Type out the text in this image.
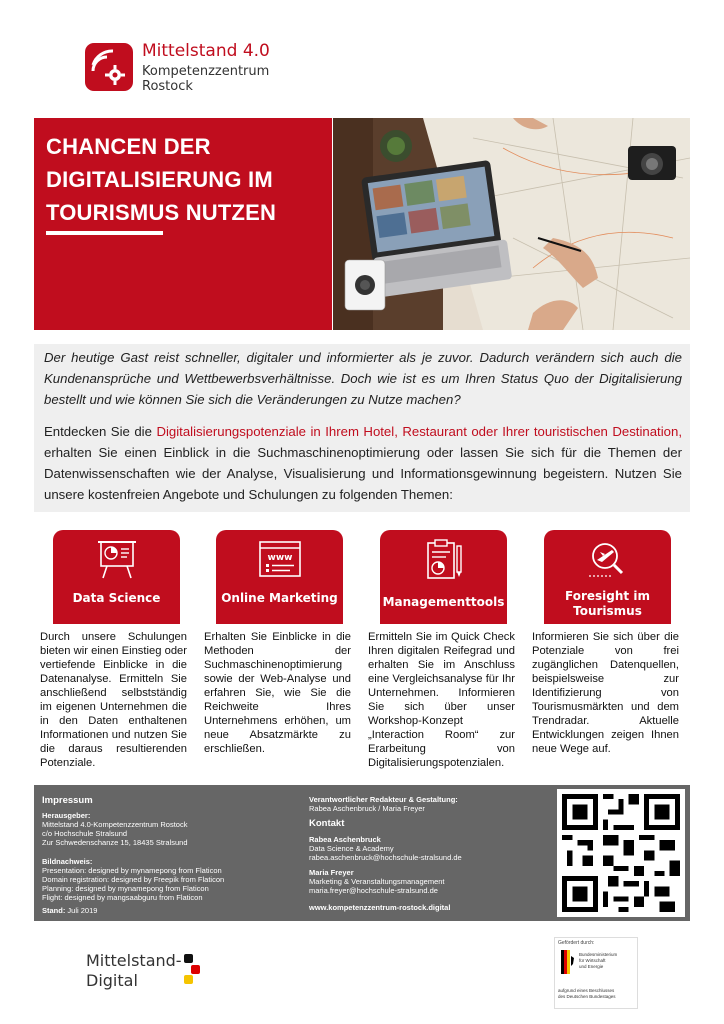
Mittelstand 4.0
Kompetenzzentrum
Rostock
CHANCEN DER
DIGITALISIERUNG IM
TOURISMUS NUTZEN
Der heutige Gast reist schneller, digitaler und informierter als je zuvor. Dadurch verändern sich auch die Kundenansprüche und Wettbewerbsverhältnisse. Doch wie ist es um Ihren Status Quo der Digitalisierung bestellt und wie können Sie sich die Veränderungen zu Nutze machen?
Entdecken Sie die Digitalisierungspotenziale in Ihrem Hotel, Restaurant oder Ihrer touristischen Destination, erhalten Sie einen Einblick in die Suchmaschinenoptimierung oder lassen Sie sich für die Themen der Datenwissenschaften wie der Analyse, Visualisierung und Informationsgewinnung begeistern. Nutzen Sie unsere kostenfreien Angebote und Schulungen zu folgenden Themen:
Data Science
www
Online Marketing	Managementtools	Foresight im
Tourismus
Durch unsere Schulungen bieten wir einen Einstieg oder vertiefende Einblicke in die Datenanalyse. Ermitteln Sie anschließend selbstständig im eigenen Unternehmen die in den Daten enthaltenen Informationen und nutzen Sie die daraus resultierenden Potenziale.
Erhalten Sie Einblicke in die Methoden der Suchmaschinenoptimierung sowie der Web-Analyse und erfahren Sie, wie Sie die Reichweite Ihres Unternehmens erhöhen, um neue Absatzmärkte zu erschließen.
Ermitteln Sie im Quick Check Ihren digitalen Reifegrad und erhalten Sie im Anschluss eine Vergleichsanalyse für Ihr Unternehmen. Informieren Sie sich über unser Workshop-Konzept „Interaction Room“ zur Erarbeitung von Digitalisierungspotenzialen.
Informieren Sie sich über die Potenziale von frei zugänglichen Datenquellen, beispielsweise zur Identifizierung von Tourismusmärkten und dem Trendradar. Aktuelle Entwicklungen zeigen Ihnen neue Wege auf.
Impressum
Herausgeber:
Mittelstand 4.0-Kompetenzzentrum Rostock
c/o Hochschule Stralsund
Zur Schwedenschanze 15, 18435 Stralsund
Bildnachweis:
Presentation: designed by mynamepong from Flaticon
Domain registration: designed by Freepik from Flaticon
Planning: designed by mynamepong from Flaticon
Flight: designed by mangsaabguru from Flaticon
Stand: Juli 2019
Verantwortlicher Redakteur & Gestaltung:
Rabea Aschenbruck / Maria Freyer
Kontakt
Rabea Aschenbruck
Data Science & Academy
rabea.aschenbruck@hochschule-stralsund.de
Maria Freyer
Marketing & Veranstaltungsmanagement
maria.freyer@hochschule-stralsund.de
www.kompetenzzentrum-rostock.digital
Mittelstand-
Digital
Gefördert durch:
Bundesministerium
für Wirtschaft
und Energie
aufgrund eines Beschlusses
des Deutschen Bundestages
